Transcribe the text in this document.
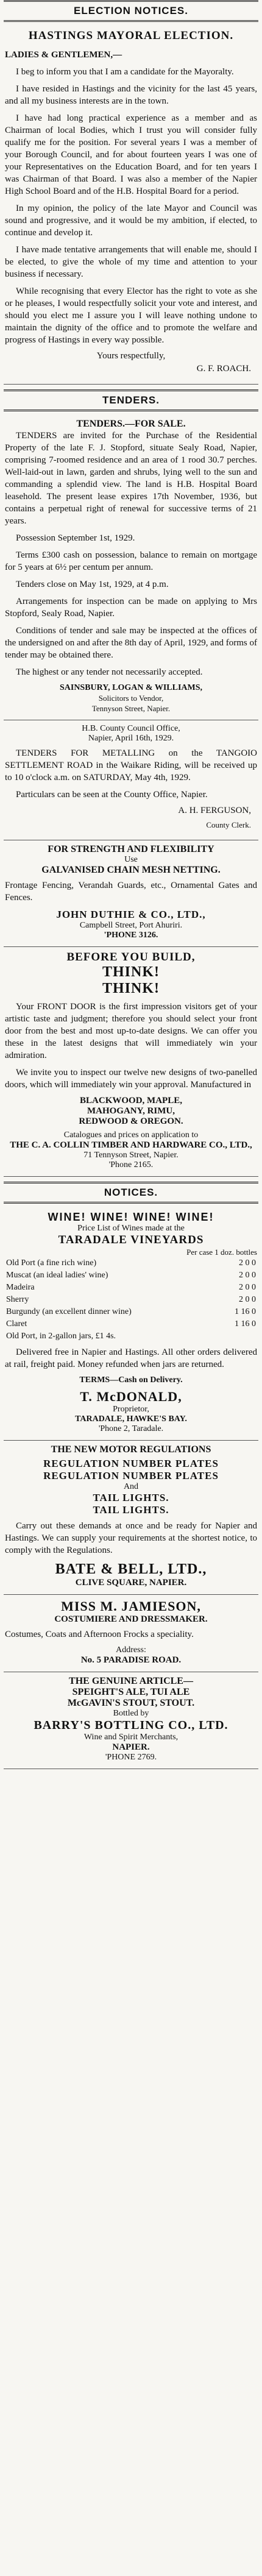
ELECTION NOTICES.
HASTINGS MAYORAL ELECTION.

LADIES & GENTLEMEN,—

I beg to inform you that I am a candidate for the Mayoralty.

I have resided in Hastings and the vicinity for the last 45 years, and all my business interests are in the town.

I have had long practical experience as a member and as Chairman of local Bodies, which I trust you will consider fully qualify me for the position. For several years I was a member of your Borough Council, and for about fourteen years I was one of your Representatives on the Education Board, and for ten years I was Chairman of that Board. I was also a member of the Napier High School Board and of the H.B. Hospital Board for a period.

In my opinion, the policy of the late Mayor and Council was sound and progressive, and it would be my ambition, if elected, to continue and develop it.

I have made tentative arrangements that will enable me, should I be elected, to give the whole of my time and attention to your business if necessary.

While recognising that every Elector has the right to vote as she or he pleases, I would respectfully solicit your vote and interest, and should you elect me I assure you I will leave nothing undone to maintain the dignity of the office and to promote the welfare and progress of Hastings in every way possible.

Yours respectfully,
G. F. ROACH.
TENDERS.
TENDERS.—FOR SALE.

TENDERS are invited for the Purchase of the Residential Property of the late F. J. Stopford, situate Sealy Road, Napier, comprising 7-roomed residence and an area of 1 rood 30.7 perches. Well-laid-out in lawn, garden and shrubs, lying well to the sun and commanding a splendid view. The land is H.B. Hospital Board leasehold. The present lease expires 17th November, 1936, but contains a perpetual right of renewal for successive terms of 21 years.

Possession September 1st, 1929.

Terms £300 cash on possession, balance to remain on mortgage for 5 years at 6½ per centum per annum.

Tenders close on May 1st, 1929, at 4 p.m.

Arrangements for inspection can be made on applying to Mrs Stopford, Sealy Road, Napier.

Conditions of tender and sale may be inspected at the offices of the undersigned on and after the 8th day of April, 1929, and forms of tender may be obtained there.

The highest or any tender not necessarily accepted.

SAINSBURY, LOGAN & WILLIAMS,
Solicitors to Vendor,
Tennyson Street, Napier.
H.B. County Council Office,
Napier, April 16th, 1929.

TENDERS FOR METALLING on the TANGOIO SETTLEMENT ROAD in the Waikare Riding, will be received up to 10 o'clock a.m. on SATURDAY, May 4th, 1929.

Particulars can be seen at the County Office, Napier.

A. H. FERGUSON,
County Clerk.
FOR STRENGTH AND FLEXIBILITY
Use
GALVANISED CHAIN MESH NETTING.

Frontage Fencing, Verandah Guards, etc., Ornamental Gates and Fences.

JOHN DUTHIE & CO., LTD.,
Campbell Street, Port Ahuriri.
'PHONE 3126.
BEFORE YOU BUILD,
THINK!
THINK!

Your FRONT DOOR is the first impression visitors get of your artistic taste and judgment; therefore you should select your front door from the best and most up-to-date designs. We can offer you these in the latest designs that will immediately win your admiration.

We invite you to inspect our twelve new designs of two-panelled doors, which will immediately win your approval. Manufactured in

BLACKWOOD, MAPLE,
MAHOGANY, RIMU,
REDWOOD & OREGON.
Catalogues and prices on application to
THE C. A. COLLIN TIMBER AND HARDWARE CO., LTD.,
71 Tennyson Street, Napier.
'Phone 2165.
NOTICES.
WINE! WINE! WINE! WINE!
Price List of Wines made at the
TARADALE VINEYARDS
Per case 1 doz. bottles
Old Port (a fine rich wine)	2 0 0
Muscat (an ideal ladies' wine)	2 0 0
Madeira	2 0 0
Sherry	2 0 0
Burgundy (an excellent dinner wine)	1 16 0
Claret	1 16 0
Old Port, in 2-gallon jars, £1 4s.	

Delivered free in Napier and Hastings. All other orders delivered at rail, freight paid. Money refunded when jars are returned.

TERMS—Cash on Delivery.
T. McDONALD,
Proprietor,
TARADALE, HAWKE'S BAY.
'Phone 2, Taradale.
THE NEW MOTOR REGULATIONS
REGULATION NUMBER PLATES
REGULATION NUMBER PLATES
And
TAIL LIGHTS.
TAIL LIGHTS.

Carry out these demands at once and be ready for Napier and Hastings. We can supply your requirements at the shortest notice, to comply with the Regulations.

BATE & BELL, LTD.,
CLIVE SQUARE, NAPIER.
MISS M. JAMIESON,
COSTUMIERE AND DRESSMAKER.

Costumes, Coats and Afternoon Frocks a speciality.

Address:
No. 5 PARADISE ROAD.
THE GENUINE ARTICLE—
SPEIGHT'S ALE, TUI ALE
McGAVIN'S STOUT, STOUT.
Bottled by
BARRY'S BOTTLING CO., LTD.
Wine and Spirit Merchants,
NAPIER.
'PHONE 2769.
